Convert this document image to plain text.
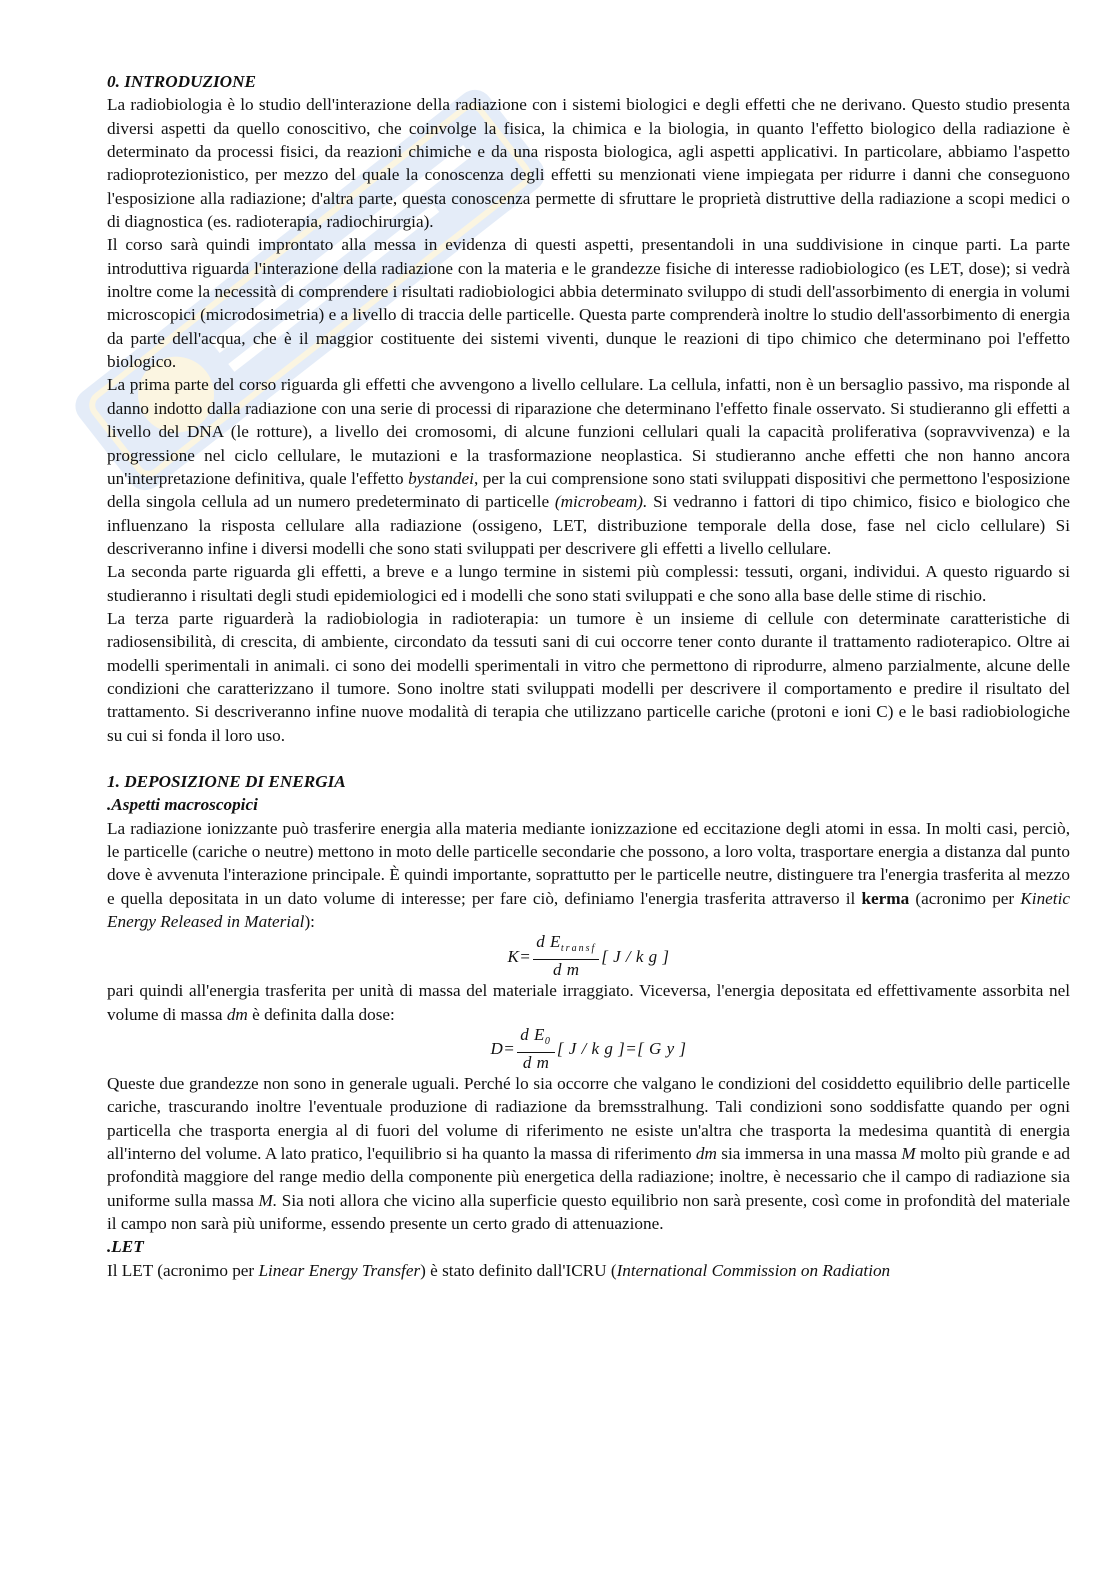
0. INTRODUZIONE

La radiobiologia è lo studio dell'interazione della radiazione con i sistemi biologici e degli effetti che ne derivano. Questo studio presenta diversi aspetti da quello conoscitivo, che coinvolge la fisica, la chimica e la biologia, in quanto l'effetto biologico della radiazione è determinato da processi fisici, da reazioni chimiche e da una risposta biologica, agli aspetti applicativi. In particolare, abbiamo l'aspetto radioprotezionistico, per mezzo del quale la conoscenza degli effetti su menzionati viene impiegata per ridurre i danni che conseguono l'esposizione alla radiazione; d'altra parte, questa conoscenza permette di sfruttare le proprietà distruttive della radiazione a scopi medici o di diagnostica (es. radioterapia, radiochirurgia).

Il corso sarà quindi improntato alla messa in evidenza di questi aspetti, presentandoli in una suddivisione in cinque parti. La parte introduttiva riguarda l'interazione della radiazione con la materia e le grandezze fisiche di interesse radiobiologico (es LET, dose); si vedrà inoltre come la necessità di comprendere i risultati radiobiologici abbia determinato sviluppo di studi dell'assorbimento di energia in volumi microscopici (microdosimetria) e a livello di traccia delle particelle. Questa parte comprenderà inoltre lo studio dell'assorbimento di energia da parte dell'acqua, che è il maggior costituente dei sistemi viventi, dunque le reazioni di tipo chimico che determinano poi l'effetto biologico.

La prima parte del corso riguarda gli effetti che avvengono a livello cellulare. La cellula, infatti, non è un bersaglio passivo, ma risponde al danno indotto dalla radiazione con una serie di processi di riparazione che determinano l'effetto finale osservato. Si studieranno gli effetti a livello del DNA (le rotture), a livello dei cromosomi, di alcune funzioni cellulari quali la capacità proliferativa (sopravvivenza) e la progressione nel ciclo cellulare, le mutazioni e la trasformazione neoplastica. Si studieranno anche effetti che non hanno ancora un'interpretazione definitiva, quale l'effetto bystandei, per la cui comprensione sono stati sviluppati dispositivi che permettono l'esposizione della singola cellula ad un numero predeterminato di particelle (microbeam). Si vedranno i fattori di tipo chimico, fisico e biologico che influenzano la risposta cellulare alla radiazione (ossigeno, LET, distribuzione temporale della dose, fase nel ciclo cellulare) Si descriveranno infine i diversi modelli che sono stati sviluppati per descrivere gli effetti a livello cellulare.

La seconda parte riguarda gli effetti, a breve e a lungo termine in sistemi più complessi: tessuti, organi, individui. A questo riguardo si studieranno i risultati degli studi epidemiologici ed i modelli che sono stati sviluppati e che sono alla base delle stime di rischio.

La terza parte riguarderà la radiobiologia in radioterapia: un tumore è un insieme di cellule con determinate caratteristiche di radiosensibilità, di crescita, di ambiente, circondato da tessuti sani di cui occorre tener conto durante il trattamento radioterapico. Oltre ai modelli sperimentali in animali. ci sono dei modelli sperimentali in vitro che permettono di riprodurre, almeno parzialmente, alcune delle condizioni che caratterizzano il tumore. Sono inoltre stati sviluppati modelli per descrivere il comportamento e predire il risultato del trattamento. Si descriveranno infine nuove modalità di terapia che utilizzano particelle cariche (protoni e ioni C) e le basi radiobiologiche su cui si fonda il loro uso.

1. DEPOSIZIONE DI ENERGIA

.Aspetti macroscopici

La radiazione ionizzante può trasferire energia alla materia mediante ionizzazione ed eccitazione degli atomi in essa. In molti casi, perciò, le particelle (cariche o neutre) mettono in moto delle particelle secondarie che possono, a loro volta, trasportare energia a distanza dal punto dove è avvenuta l'interazione principale. È quindi importante, soprattutto per le particelle neutre, distinguere tra l'energia trasferita al mezzo e quella depositata in un dato volume di interesse; per fare ciò, definiamo l'energia trasferita attraverso il kerma (acronimo per Kinetic Energy Released in Material):

$K= \frac{d E_{transf}}{\text{d m}}$ [ J / k g ]

pari quindi all'energia trasferita per unità di massa del materiale irraggiato. Viceversa, l'energia depositata ed effettivamente assorbita nel volume di massa dm è definita dalla dose:

$D= \frac{d E_0}{\text{d m}}$ [ J / k g ]=[ G y ]

Queste due grandezze non sono in generale uguali. Perché lo sia occorre che valgano le condizioni del cosiddetto equilibrio delle particelle cariche, trascurando inoltre l'eventuale produzione di radiazione da bremsstralhung. Tali condizioni sono soddisfatte quando per ogni particella che trasporta energia al di fuori del volume di riferimento ne esiste un'altra che trasporta la medesima quantità di energia all'interno del volume. A lato pratico, l'equilibrio si ha quanto la massa di riferimento dm sia immersa in una massa M molto più grande e ad profondità maggiore del range medio della componente più energetica della radiazione; inoltre, è necessario che il campo di radiazione sia uniforme sulla massa M. Sia noti allora che vicino alla superficie questo equilibrio non sarà presente, così come in profondità del materiale il campo non sarà più uniforme, essendo presente un certo grado di attenuazione.

.LET

Il LET (acronimo per Linear Energy Transfer) è stato definito dall'ICRU (International Commission on Radiation
